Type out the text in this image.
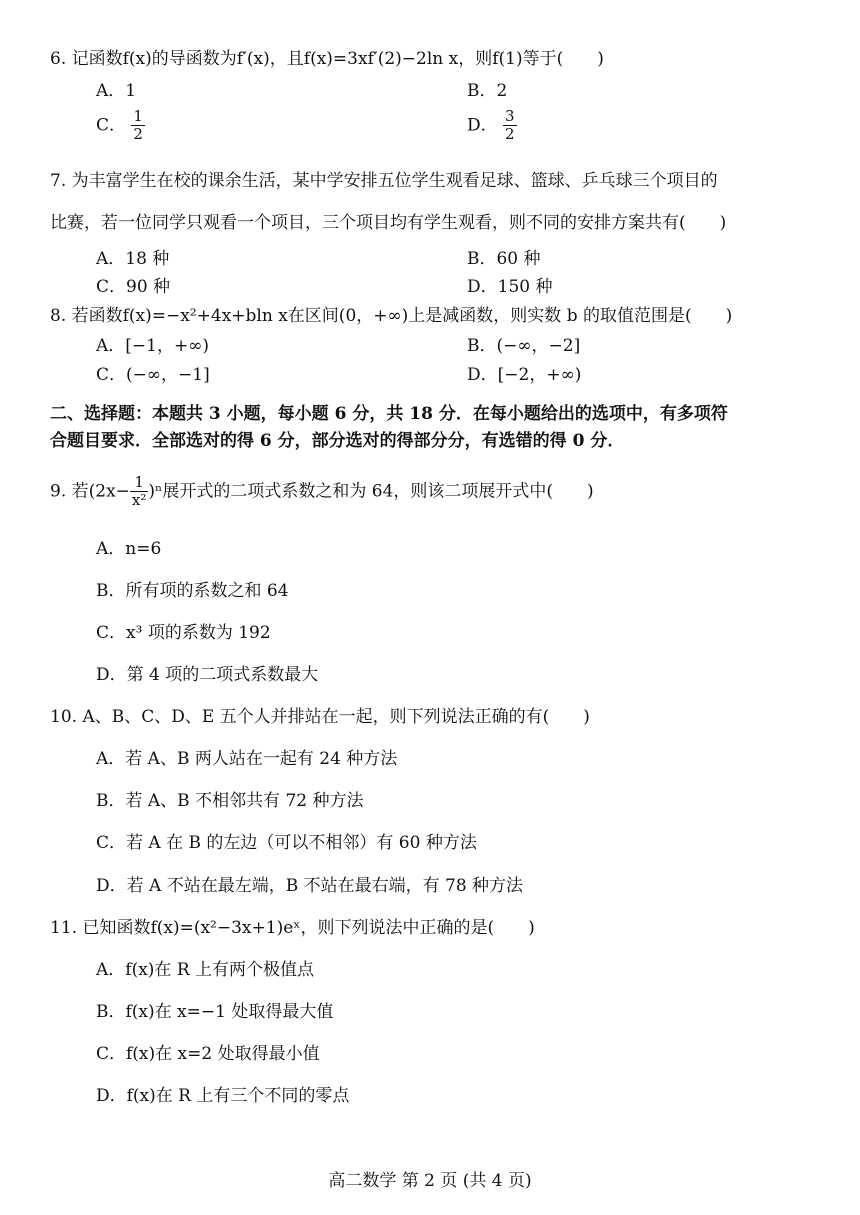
6. 记函数f(x)的导函数为f′(x)，且f(x)=3xf′(2)−2ln x，则f(1)等于(　　)
A．1	B．2
C． $\frac{1}{2}$	D． $\frac{3}{2}$
7. 为丰富学生在校的课余生活，某中学安排五位学生观看足球、篮球、乒乓球三个项目的
比赛，若一位同学只观看一个项目，三个项目均有学生观看，则不同的安排方案共有(　　)
A．18 种	B．60 种
C．90 种	D．150 种
8. 若函数f(x)=−x²+4x+bln x在区间(0，+∞)上是减函数，则实数 b 的取值范围是(　　)
A．[−1，+∞)	B．(−∞，−2]
C．(−∞，−1]	D．[−2，+∞)
二、选择题：本题共 3 小题，每小题 6 分，共 18 分．在每小题给出的选项中，有多项符
合题目要求．全部选对的得 6 分，部分选对的得部分分，有选错的得 0 分．
9. 若$(2x- \frac{1}{\text{x²}} )^n$展开式的二项式系数之和为 64，则该二项展开式中(　　)
A．n=6
B．所有项的系数之和 64
C．x³ 项的系数为 192
D．第 4 项的二项式系数最大
10. A、B、C、D、E 五个人并排站在一起，则下列说法正确的有(　　)
A．若 A、B 两人站在一起有 24 种方法
B．若 A、B 不相邻共有 72 种方法
C．若 A 在 B 的左边（可以不相邻）有 60 种方法
D．若 A 不站在最左端，B 不站在最右端，有 78 种方法
11. 已知函数f(x)=(x²−3x+1)eˣ，则下列说法中正确的是(　　)
A．f(x)在 R 上有两个极值点
B．f(x)在 x=−1 处取得最大值
C．f(x)在 x=2 处取得最小值
D．f(x)在 R 上有三个不同的零点
高二数学 第 2 页 (共 4 页)
